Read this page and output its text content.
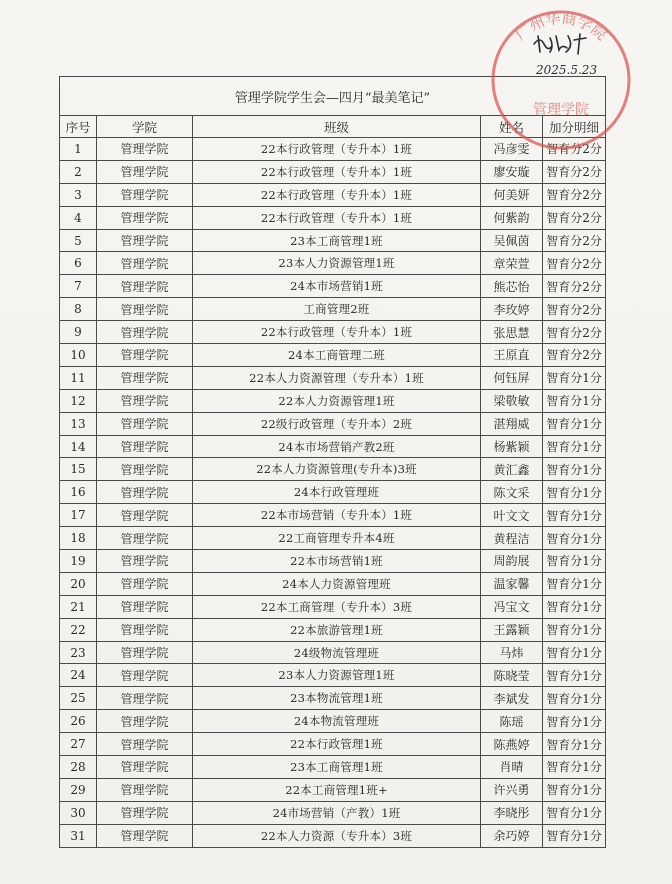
管理学院学生会—四月“最美笔记”				
序号	学院	班级	姓名	加分明细
1	管理学院	22本行政管理（专升本）1班	冯彦雯	智育分2分
2	管理学院	22本行政管理（专升本）1班	廖安璇	智育分2分
3	管理学院	22本行政管理（专升本）1班	何美妍	智育分2分
4	管理学院	22本行政管理（专升本）1班	何紫韵	智育分2分
5	管理学院	23本工商管理1班	吴佩茵	智育分2分
6	管理学院	23本人力资源管理1班	章荣萱	智育分2分
7	管理学院	24本市场营销1班	熊芯怡	智育分2分
8	管理学院	工商管理2班	李玫婷	智育分2分
9	管理学院	22本行政管理（专升本）1班	张思慧	智育分2分
10	管理学院	24本工商管理二班	王原直	智育分2分
11	管理学院	22本人力资源管理（专升本）1班	何钰屏	智育分1分
12	管理学院	22本人力资源管理1班	梁敬敏	智育分1分
13	管理学院	22级行政管理（专升本）2班	湛翔威	智育分1分
14	管理学院	24本市场营销产教2班	杨紫颖	智育分1分
15	管理学院	22本人力资源管理(专升本)3班	黄汇鑫	智育分1分
16	管理学院	24本行政管理班	陈文采	智育分1分
17	管理学院	22本市场营销（专升本）1班	叶文文	智育分1分
18	管理学院	22工商管理专升本4班	黄程洁	智育分1分
19	管理学院	22本市场营销1班	周韵展	智育分1分
20	管理学院	24本人力资源管理班	温家馨	智育分1分
21	管理学院	22本工商管理（专升本）3班	冯宝文	智育分1分
22	管理学院	22本旅游管理1班	王露颖	智育分1分
23	管理学院	24级物流管理班	马炜	智育分1分
24	管理学院	23本人力资源管理1班	陈晓莹	智育分1分
25	管理学院	23本物流管理1班	李斌发	智育分1分
26	管理学院	24本物流管理班	陈瑶	智育分1分
27	管理学院	22本行政管理1班	陈燕婷	智育分1分
28	管理学院	23本工商管理1班	肖晴	智育分1分
29	管理学院	22本工商管理1班+	许兴勇	智育分1分
30	管理学院	24市场营销（产教）1班	李晓彤	智育分1分
31	管理学院	22本人力资源（专升本）3班	余巧婷	智育分1分
广州华商学院
管理学院
2025.5.23
